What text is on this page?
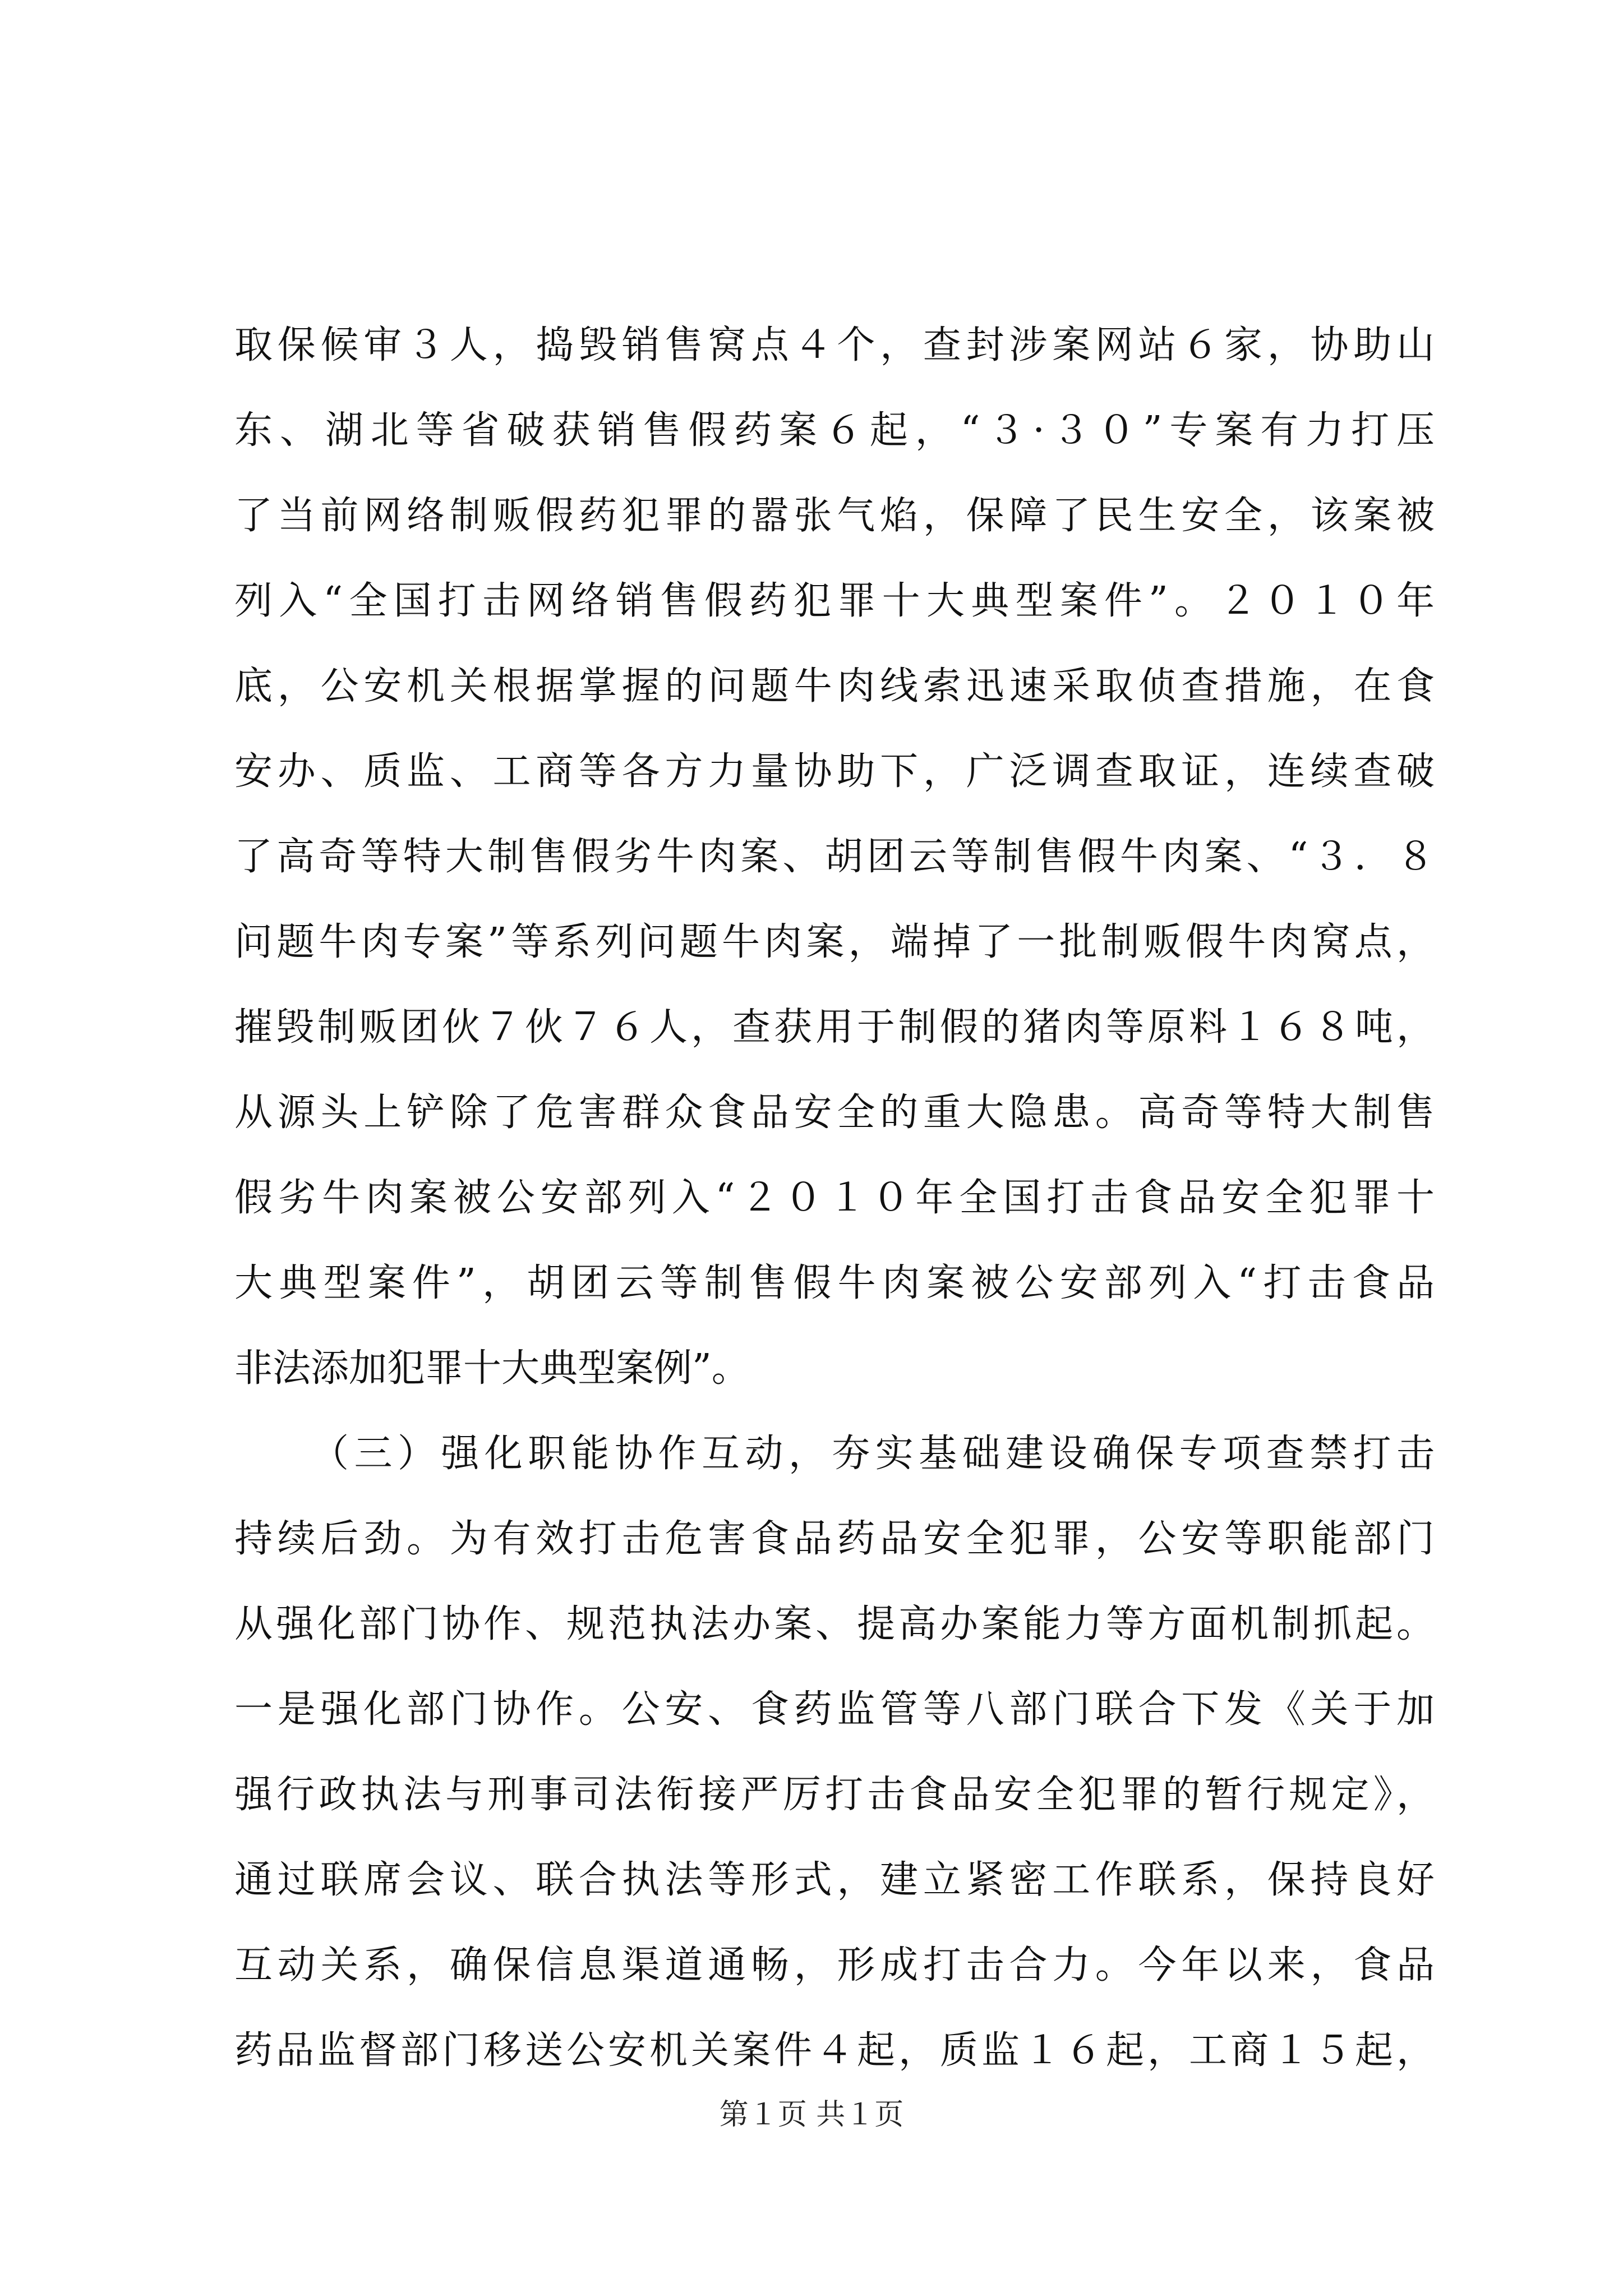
取保候审３人，捣毁销售窝点４个，查封涉案网站６家，协助山
东、湖北等省破获销售假药案６起，“３·３０”专案有力打压
了当前网络制贩假药犯罪的嚣张气焰，保障了民生安全，该案被
列入“全国打击网络销售假药犯罪十大典型案件”。２０１０年
底，公安机关根据掌握的问题牛肉线索迅速采取侦查措施，在食
安办、质监、工商等各方力量协助下，广泛调查取证，连续查破
了高奇等特大制售假劣牛肉案、胡团云等制售假牛肉案、“３．８
问题牛肉专案”等系列问题牛肉案，端掉了一批制贩假牛肉窝点，
摧毁制贩团伙７伙７６人，查获用于制假的猪肉等原料１６８吨，
从源头上铲除了危害群众食品安全的重大隐患。高奇等特大制售
假劣牛肉案被公安部列入“２０１０年全国打击食品安全犯罪十
大典型案件”，胡团云等制售假牛肉案被公安部列入“打击食品
非法添加犯罪十大典型案例”。
（三）强化职能协作互动，夯实基础建设确保专项查禁打击
持续后劲。为有效打击危害食品药品安全犯罪，公安等职能部门
从强化部门协作、规范执法办案、提高办案能力等方面机制抓起。
一是强化部门协作。公安、食药监管等八部门联合下发《关于加
强行政执法与刑事司法衔接严厉打击食品安全犯罪的暂行规定》，
通过联席会议、联合执法等形式，建立紧密工作联系，保持良好
互动关系，确保信息渠道通畅，形成打击合力。今年以来，食品
药品监督部门移送公安机关案件４起，质监１６起，工商１５起，
第１页 共１页
